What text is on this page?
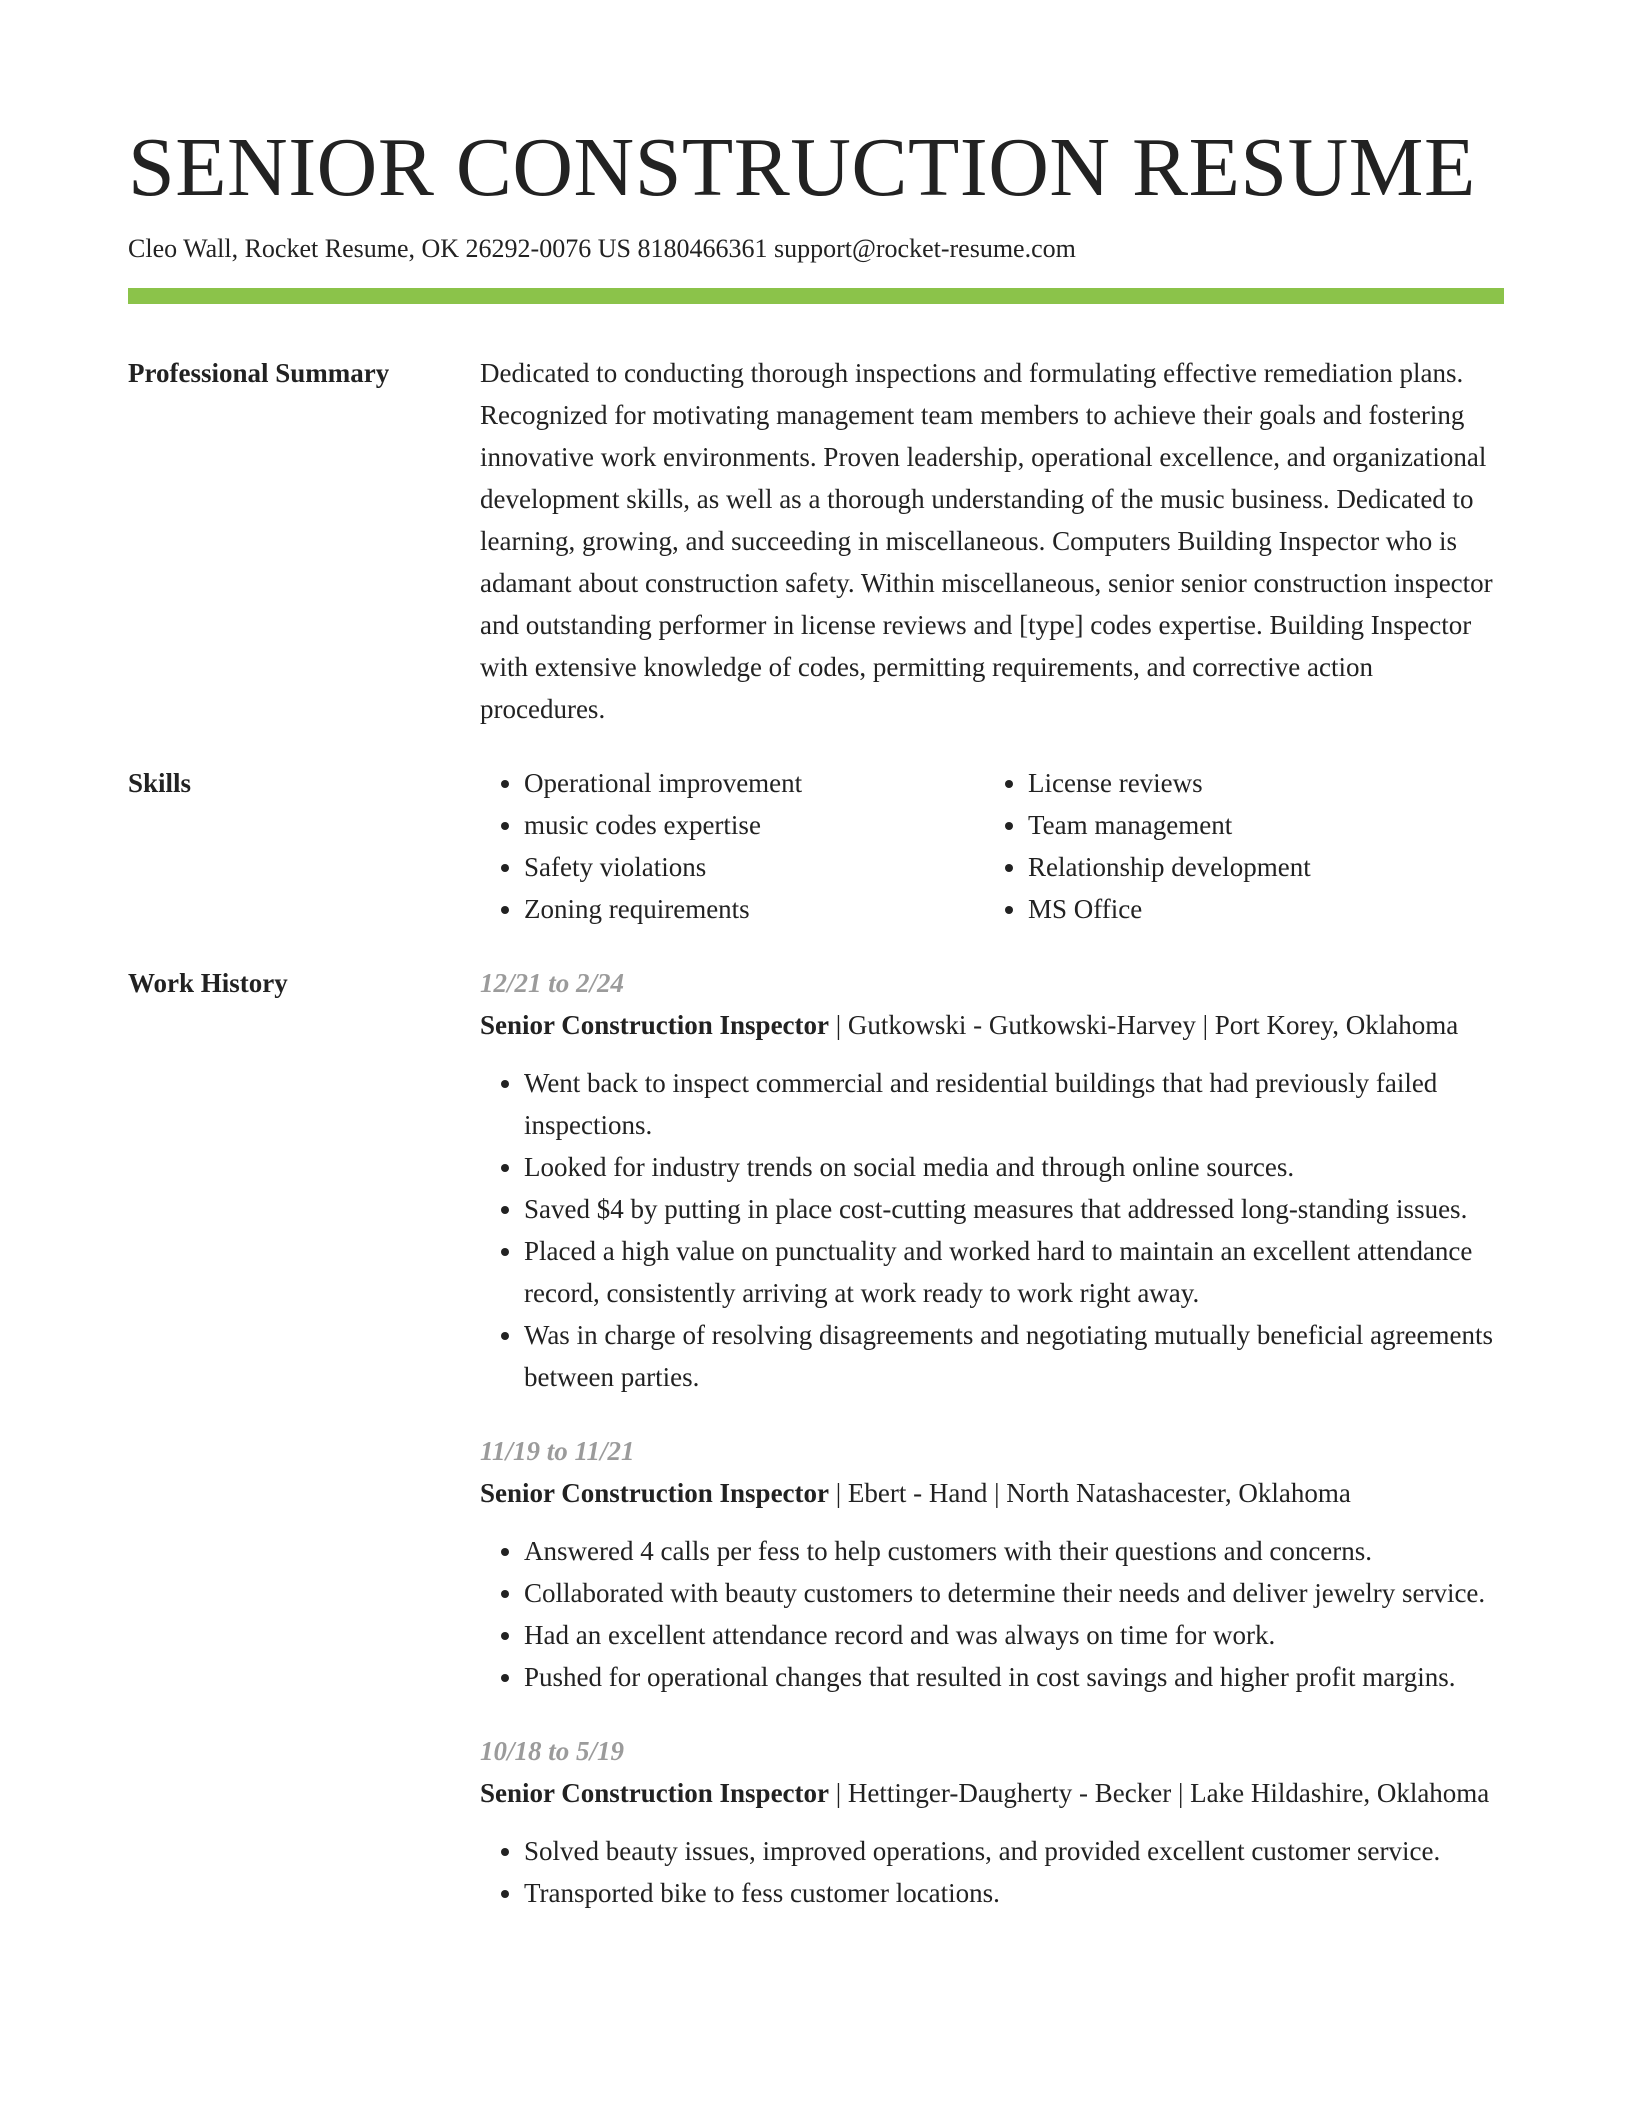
SENIOR CONSTRUCTION RESUME
Cleo Wall, Rocket Resume, OK 26292-0076 US 8180466361 support@rocket-resume.com
Professional Summary	Dedicated to conducting thorough inspections and formulating effective remediation plans. Recognized for motivating management team members to achieve their goals and fostering innovative work environments. Proven leadership, operational excellence, and organizational development skills, as well as a thorough understanding of the music business. Dedicated to learning, growing, and succeeding in miscellaneous. Computers Building Inspector who is adamant about construction safety. Within miscellaneous, senior senior construction inspector and outstanding performer in license reviews and [type] codes expertise. Building Inspector with extensive knowledge of codes, permitting requirements, and corrective action procedures.

Skills
•	Operational improvement
• music codes expertise
• Safety violations
• Zoning requirements
• License reviews
• Team management
• Relationship development
• MS Office
Work History	12/21 to 2/24

Senior Construction Inspector | Gutkowski - Gutkowski-Harvey | Port Korey, Oklahoma

• Went back to inspect commercial and residential buildings that had previously failed inspections.
• Looked for industry trends on social media and through online sources.
• Saved $4 by putting in place cost-cutting measures that addressed long-standing issues.
• Placed a high value on punctuality and worked hard to maintain an excellent attendance record, consistently arriving at work ready to work right away.
• Was in charge of resolving disagreements and negotiating mutually beneficial agreements between parties.
11/19 to 11/21

Senior Construction Inspector | Ebert - Hand | North Natashacester, Oklahoma

• Answered 4 calls per fess to help customers with their questions and concerns.
• Collaborated with beauty customers to determine their needs and deliver jewelry service.
• Had an excellent attendance record and was always on time for work.
• Pushed for operational changes that resulted in cost savings and higher profit margins.
10/18 to 5/19

Senior Construction Inspector | Hettinger-Daugherty - Becker | Lake Hildashire, Oklahoma

• Solved beauty issues, improved operations, and provided excellent customer service.
• Transported bike to fess customer locations.
